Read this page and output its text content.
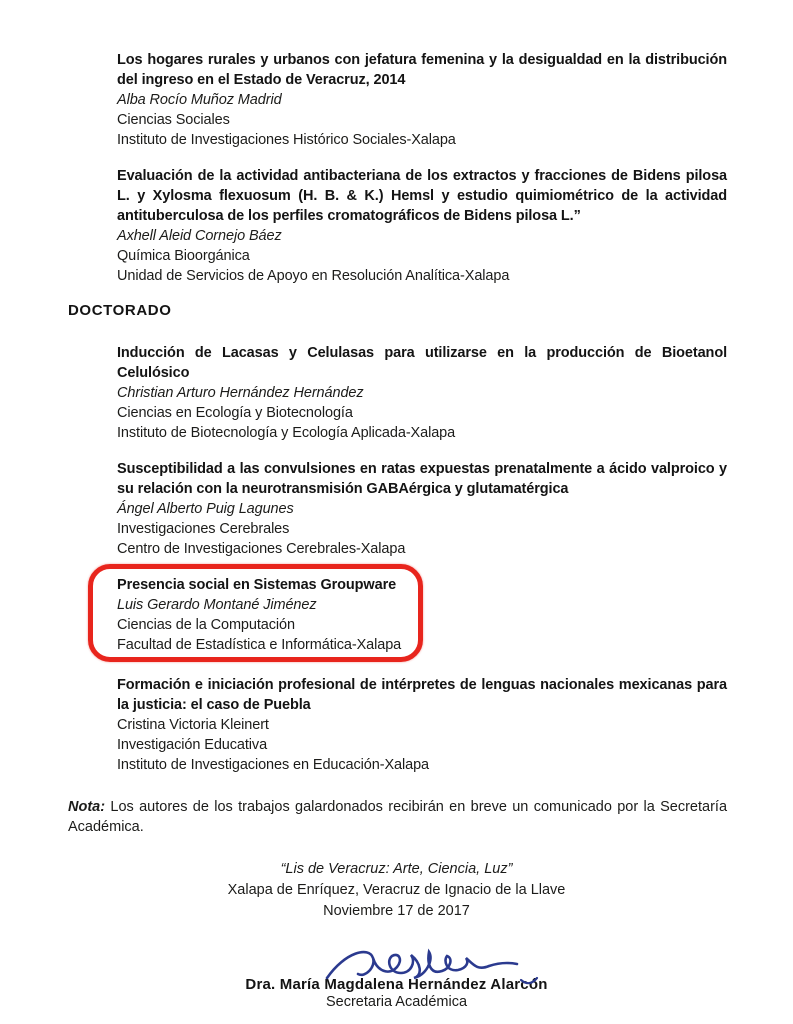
Los hogares rurales y urbanos con jefatura femenina y la desigualdad en la distribución del ingreso en el Estado de Veracruz, 2014
Alba Rocío Muñoz Madrid
Ciencias Sociales
Instituto de Investigaciones Histórico Sociales-Xalapa
Evaluación de la actividad antibacteriana de los extractos y fracciones de Bidens pilosa L. y Xylosma flexuosum (H. B. & K.) Hemsl y estudio quimiométrico de la actividad antituberculosa de los perfiles cromatográficos de Bidens pilosa L.”
Axhell Aleid Cornejo Báez
Química Bioorgánica
Unidad de Servicios de Apoyo en Resolución Analítica-Xalapa
DOCTORADO
Inducción de Lacasas y Celulasas para utilizarse en la producción de Bioetanol Celulósico
Christian Arturo Hernández Hernández
Ciencias en Ecología y Biotecnología
Instituto de Biotecnología y Ecología Aplicada-Xalapa
Susceptibilidad a las convulsiones en ratas expuestas prenatalmente a ácido valproico y su relación con la neurotransmisión GABAérgica y glutamatérgica
Ángel Alberto Puig Lagunes
Investigaciones Cerebrales
Centro de Investigaciones Cerebrales-Xalapa
Presencia social en Sistemas Groupware
Luis Gerardo Montané Jiménez
Ciencias de la Computación
Facultad de Estadística e Informática-Xalapa
Formación e iniciación profesional de intérpretes de lenguas nacionales mexicanas para la justicia: el caso de Puebla
Cristina Victoria Kleinert
Investigación Educativa
Instituto de Investigaciones en Educación-Xalapa
Nota: Los autores de los trabajos galardonados recibirán en breve un comunicado por la Secretaría Académica.
“Lis de Veracruz: Arte, Ciencia, Luz”
Xalapa de Enríquez, Veracruz de Ignacio de la Llave
Noviembre 17 de 2017
Dra. María Magdalena Hernández Alarcón
Secretaria Académica
